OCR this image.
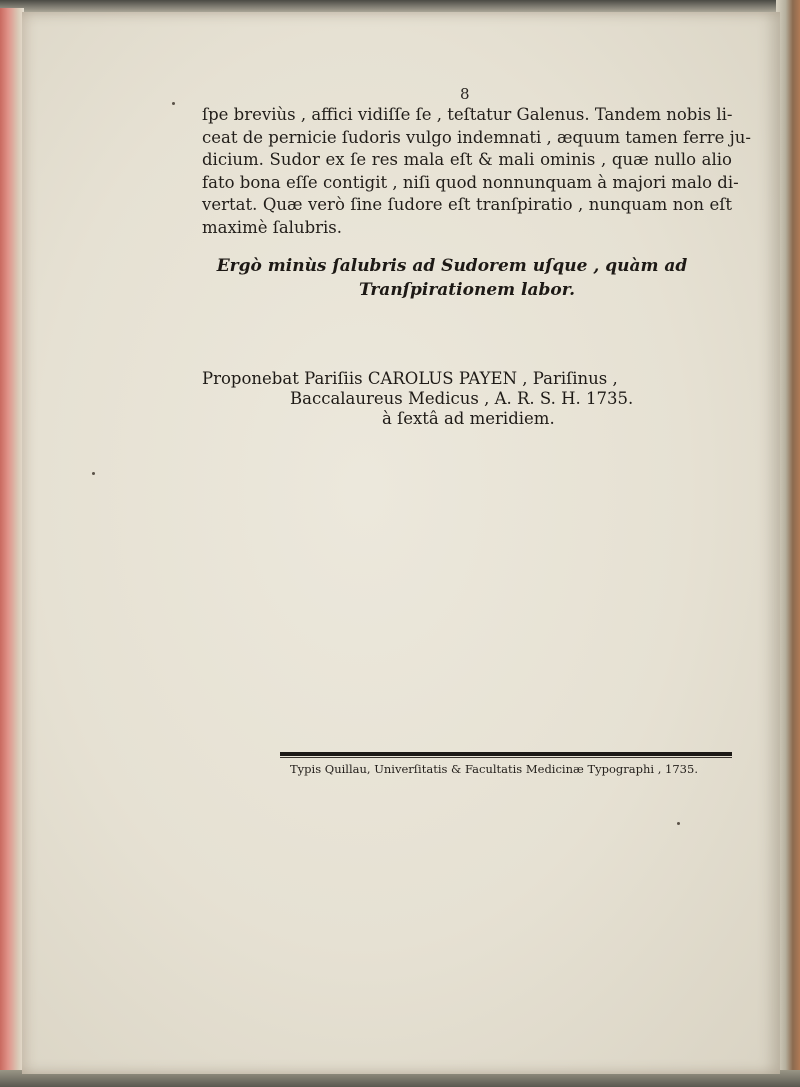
8
ſpe breviùs , affici vidiſſe ſe , teſtatur Galenus. Tandem nobis li-
ceat de pernicie ſudoris vulgo indemnati , æquum tamen ferre ju-
dicium. Sudor ex ſe res mala eſt & mali ominis , quæ nullo alio
fato bona eſſe contigit , niſi quod nonnunquam à majori malo di-
vertat. Quæ verò ſine ſudore eſt tranſpiratio , nunquam non eſt
maximè ſalubris.
Ergò minùs ſalubris ad Sudorem uſque , quàm ad
Tranſpirationem labor.
Proponebat Pariſiis CAROLUS PAYEN , Pariſinus ,
Baccalaureus Medicus , A. R. S. H. 1735.
à ſextâ ad meridiem.
Typis Quillau, Univerſitatis & Facultatis Medicinæ Typographi , 1735.
